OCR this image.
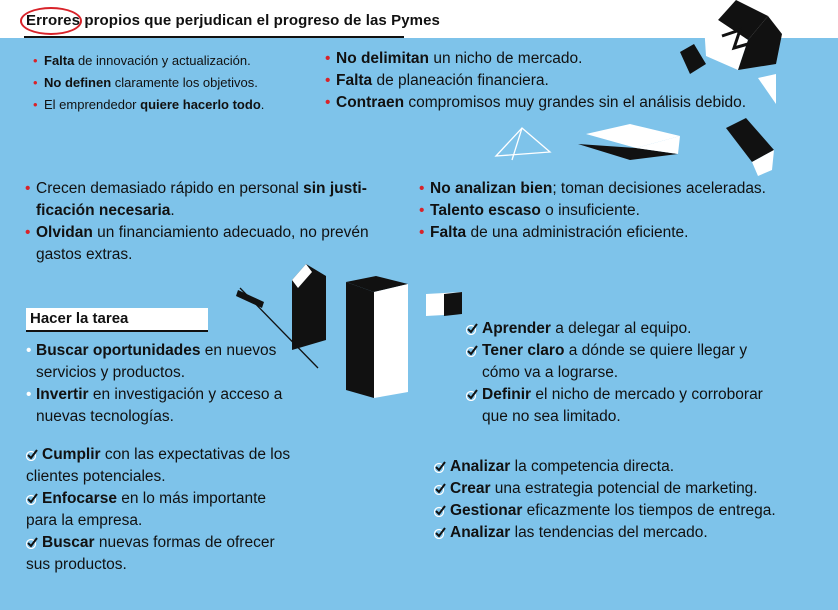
Errores propios que perjudican el progreso de las Pymes
• Falta de innovación y actualización.
• No definen claramente los objetivos.
• El emprendedor quiere hacerlo todo.
• No delimitan un nicho de mercado.
• Falta de planeación financiera.
• Contraen compromisos muy grandes sin el análisis debido.
• Crecen demasiado rápido en personal sin justi-
ficación necesaria.
• Olvidan un financiamiento adecuado, no prevén
gastos extras.
• No analizan bien; toman decisiones aceleradas.
• Talento escaso o insuficiente.
• Falta de una administración eficiente.
Hacer la tarea
• Buscar oportunidades en nuevos
servicios y productos.
• Invertir en investigación y acceso a
nuevas tecnologías.
Cumplir con las expectativas de los
clientes potenciales.
Enfocarse en lo más importante
para la empresa.
Buscar nuevas formas de ofrecer
sus productos.
Aprender a delegar al equipo.
Tener claro a dónde se quiere llegar y
cómo va a lograrse.
Definir el nicho de mercado y corroborar
que no sea limitado.
Analizar la competencia directa.
Crear una estrategia potencial de marketing.
Gestionar eficazmente los tiempos de entrega.
Analizar las tendencias del mercado.
